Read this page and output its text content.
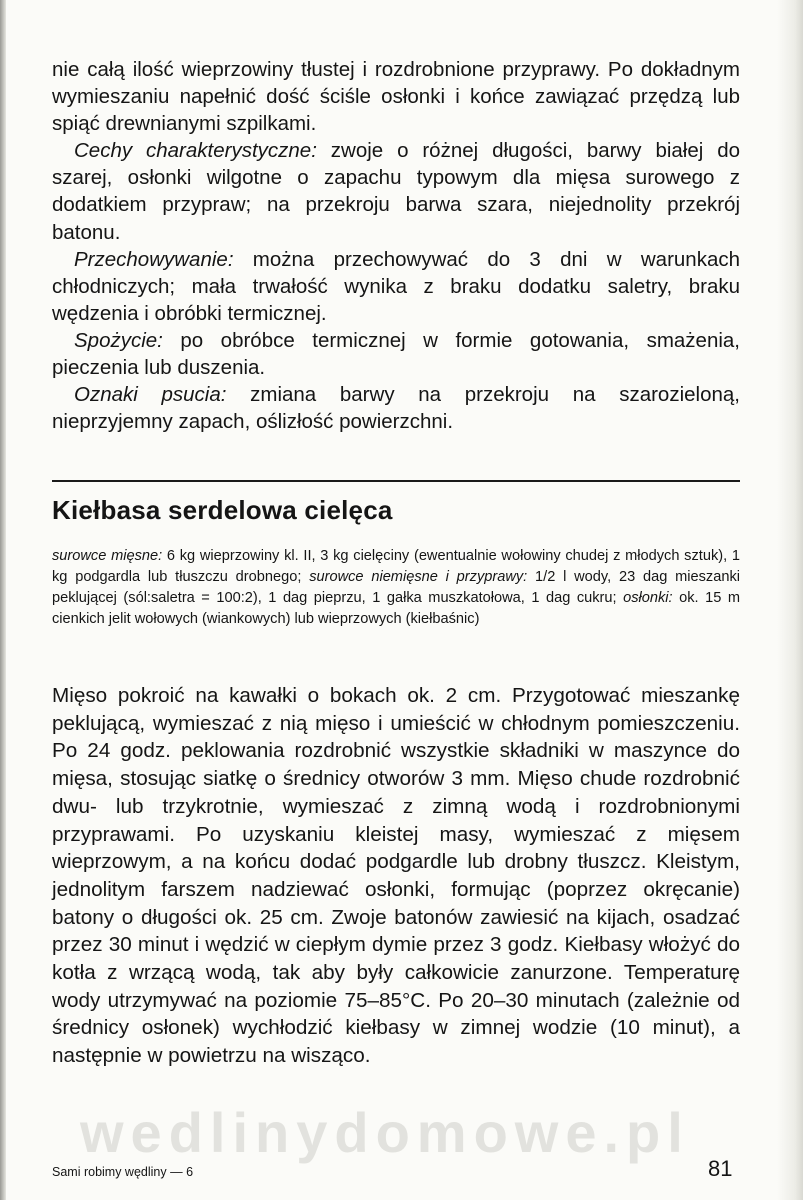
nie całą ilość wieprzowiny tłustej i rozdrobnione przyprawy. Po dokładnym wymieszaniu napełnić dość ściśle osłonki i końce zawiązać przędzą lub spiąć drewnianymi szpilkami.

Cechy charakterystyczne: zwoje o różnej długości, barwy białej do szarej, osłonki wilgotne o zapachu typowym dla mięsa surowego z dodatkiem przypraw; na przekroju barwa szara, niejednolity przekrój batonu.

Przechowywanie: można przechowywać do 3 dni w warunkach chłodniczych; mała trwałość wynika z braku dodatku saletry, braku wędzenia i obróbki termicznej.

Spożycie: po obróbce termicznej w formie gotowania, smażenia, pieczenia lub duszenia.

Oznaki psucia: zmiana barwy na przekroju na szarozieloną, nieprzyjemny zapach, oślizłość powierzchni.

Kiełbasa serdelowa cielęca

surowce mięsne: 6 kg wieprzowiny kl. II, 3 kg cielęciny (ewentualnie wołowiny chudej z młodych sztuk), 1 kg podgardla lub tłuszczu drobnego; surowce niemięsne i przyprawy: 1/2 l wody, 23 dag mieszanki peklującej (sól:saletra = 100:2), 1 dag pieprzu, 1 gałka muszkatołowa, 1 dag cukru; osłonki: ok. 15 m cienkich jelit wołowych (wiankowych) lub wieprzowych (kiełbaśnic)

Mięso pokroić na kawałki o bokach ok. 2 cm. Przygotować mieszankę peklującą, wymieszać z nią mięso i umieścić w chłodnym pomieszczeniu. Po 24 godz. peklowania rozdrobnić wszystkie składniki w maszynce do mięsa, stosując siatkę o średnicy otworów 3 mm. Mięso chude rozdrobnić dwu- lub trzykrotnie, wymieszać z zimną wodą i rozdrobnionymi przyprawami. Po uzyskaniu kleistej masy, wymieszać z mięsem wieprzowym, a na końcu dodać podgardle lub drobny tłuszcz. Kleistym, jednolitym farszem nadziewać osłonki, formując (poprzez okręcanie) batony o długości ok. 25 cm. Zwoje batonów zawiesić na kijach, osadzać przez 30 minut i wędzić w ciepłym dymie przez 3 godz. Kiełbasy włożyć do kotła z wrzącą wodą, tak aby były całkowicie zanurzone. Temperaturę wody utrzymywać na poziomie 75–85°C. Po 20–30 minutach (zależnie od średnicy osłonek) wychłodzić kiełbasy w zimnej wodzie (10 minut), a następnie w powietrzu na wisząco.

wedlinydomowe.pl
Sami robimy wędliny — 6	81
